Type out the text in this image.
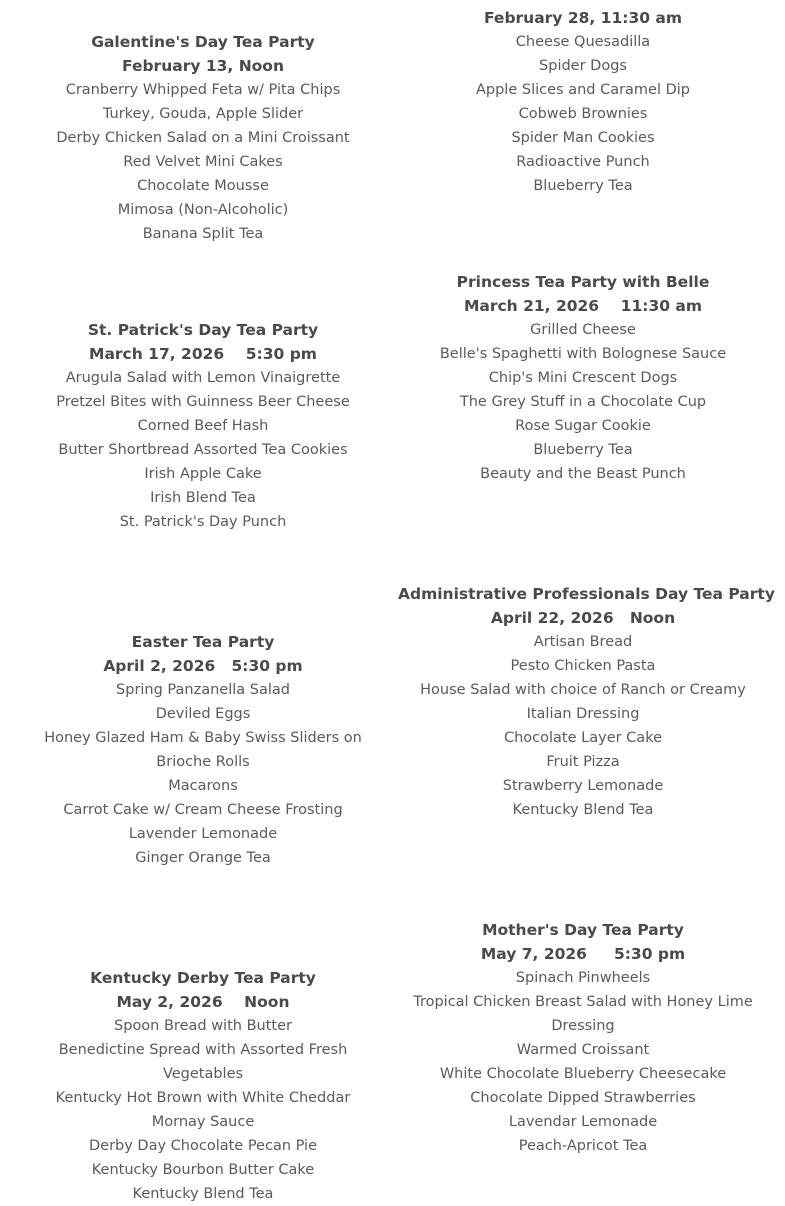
Galentine's Day Tea Party
February 13, Noon
Cranberry Whipped Feta w/ Pita Chips
Turkey, Gouda, Apple Slider
Derby Chicken Salad on a Mini Croissant
Red Velvet Mini Cakes
Chocolate Mousse
Mimosa (Non-Alcoholic)
Banana Split Tea
St. Patrick's Day Tea Party
March 17, 2026    5:30 pm
Arugula Salad with Lemon Vinaigrette
Pretzel Bites with Guinness Beer Cheese
Corned Beef Hash
Butter Shortbread Assorted Tea Cookies
Irish Apple Cake
Irish Blend Tea
St. Patrick's Day Punch
Easter Tea Party
April 2, 2026   5:30 pm
Spring Panzanella Salad
Deviled Eggs
Honey Glazed Ham & Baby Swiss Sliders on Brioche Rolls
Macarons
Carrot Cake w/ Cream Cheese Frosting
Lavender Lemonade
Ginger Orange Tea
Kentucky Derby Tea Party
May 2, 2026    Noon
Spoon Bread with Butter
Benedictine Spread with Assorted Fresh Vegetables
Kentucky Hot Brown with White Cheddar Mornay Sauce
Derby Day Chocolate Pecan Pie
Kentucky Bourbon Butter Cake
Kentucky Blend Tea
February 28, 11:30 am
Cheese Quesadilla
Spider Dogs
Apple Slices and Caramel Dip
Cobweb Brownies
Spider Man Cookies
Radioactive Punch
Blueberry Tea
Princess Tea Party with Belle
March 21, 2026    11:30 am
Grilled Cheese
Belle's Spaghetti with Bolognese Sauce
Chip's Mini Crescent Dogs
The Grey Stuff in a Chocolate Cup
Rose Sugar Cookie
Blueberry Tea
Beauty and the Beast Punch
Administrative Professionals Day Tea Party
April 22, 2026   Noon
Artisan Bread
Pesto Chicken Pasta
House Salad with choice of Ranch or Creamy Italian Dressing
Chocolate Layer Cake
Fruit Pizza
Strawberry Lemonade
Kentucky Blend Tea
Mother's Day Tea Party
May 7, 2026     5:30 pm
Spinach Pinwheels
Tropical Chicken Breast Salad with Honey Lime Dressing
Warmed Croissant
White Chocolate Blueberry Cheesecake
Chocolate Dipped Strawberries
Lavendar Lemonade
Peach-Apricot Tea
